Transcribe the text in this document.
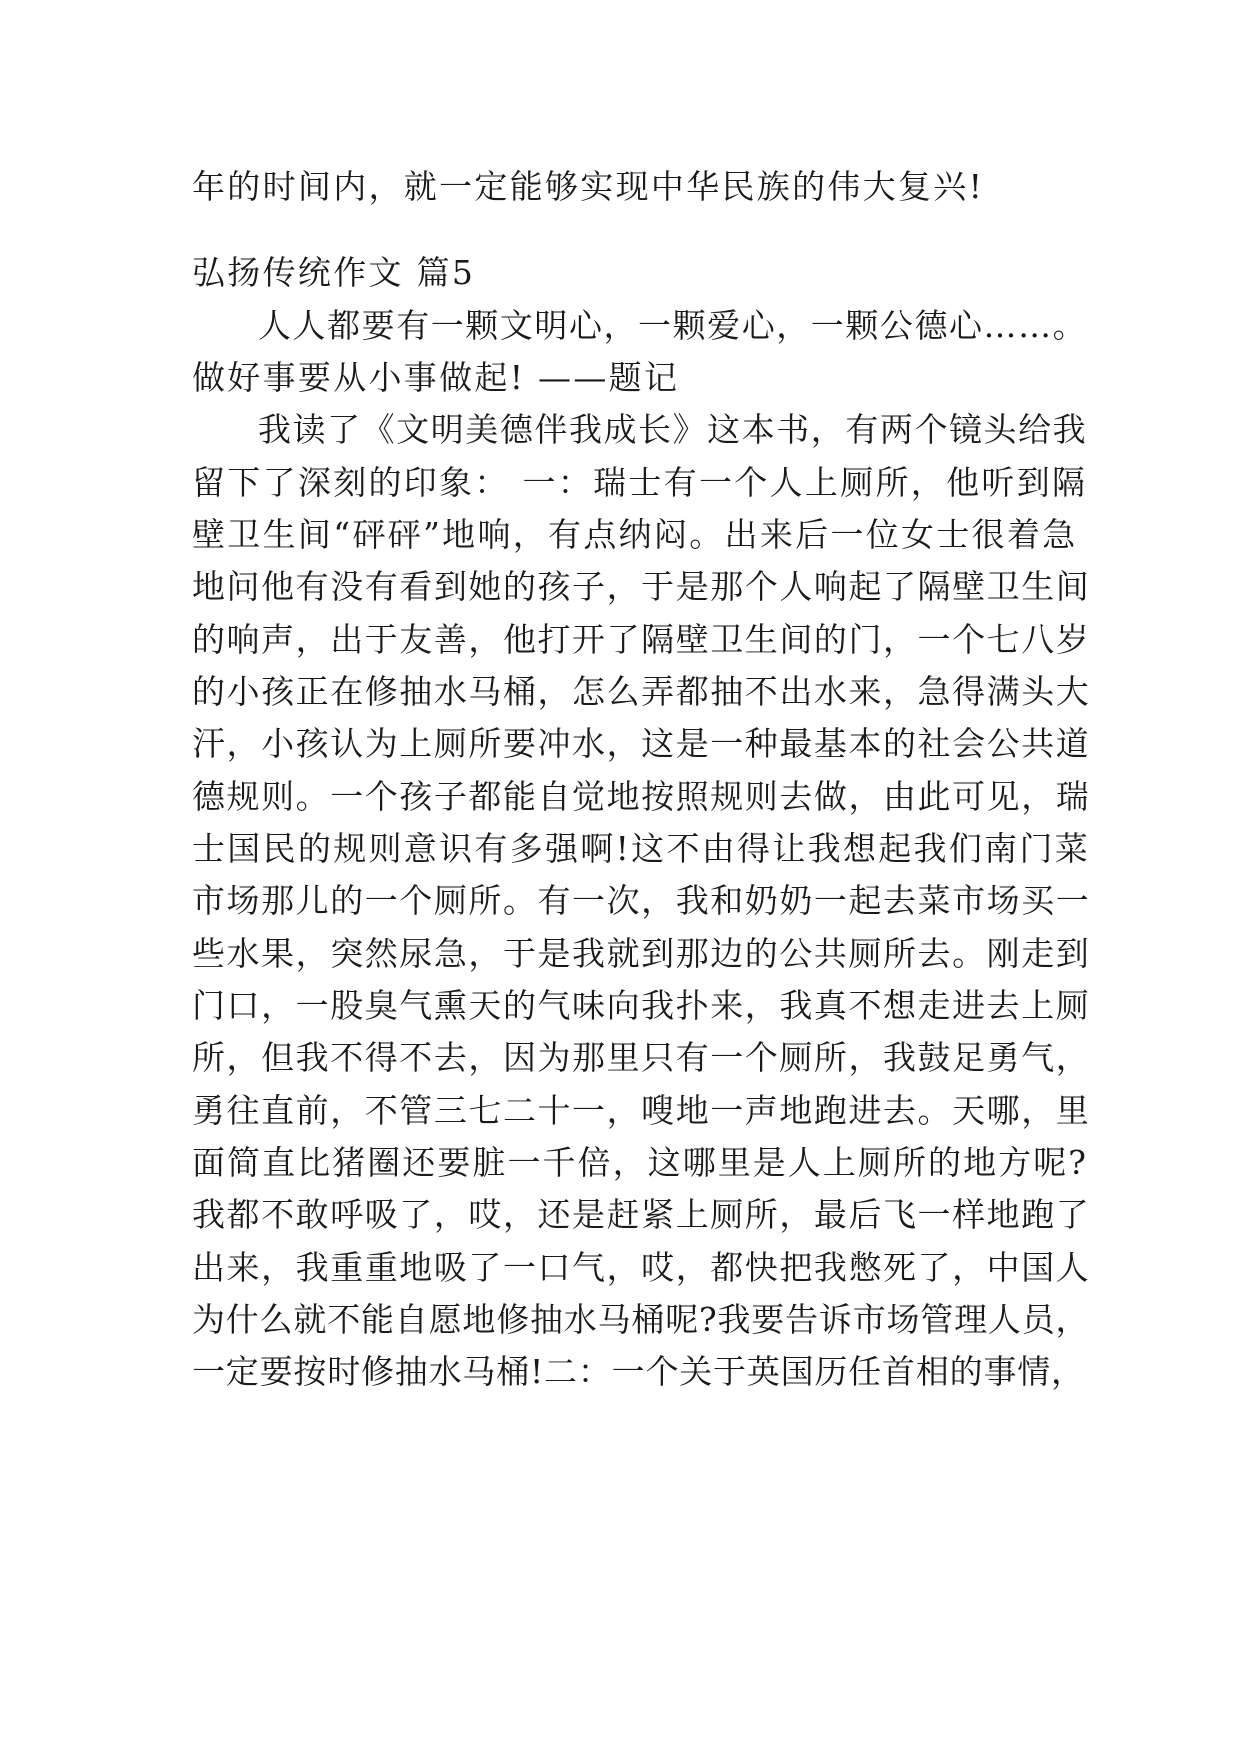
年的时间内，就一定能够实现中华民族的伟大复兴!
弘扬传统作文 篇5
人人都要有一颗文明心，一颗爱心，一颗公德心……。
做好事要从小事做起! ——题记
我读了《文明美德伴我成长》这本书，有两个镜头给我
留下了深刻的印象： 一：瑞士有一个人上厕所，他听到隔
壁卫生间“砰砰”地响，有点纳闷。出来后一位女士很着急
地问他有没有看到她的孩子，于是那个人响起了隔壁卫生间
的响声，出于友善，他打开了隔壁卫生间的门，一个七八岁
的小孩正在修抽水马桶，怎么弄都抽不出水来，急得满头大
汗，小孩认为上厕所要冲水，这是一种最基本的社会公共道
德规则。一个孩子都能自觉地按照规则去做，由此可见，瑞
士国民的规则意识有多强啊!这不由得让我想起我们南门菜
市场那儿的一个厕所。有一次，我和奶奶一起去菜市场买一
些水果，突然尿急，于是我就到那边的公共厕所去。刚走到
门口，一股臭气熏天的气味向我扑来，我真不想走进去上厕
所，但我不得不去，因为那里只有一个厕所，我鼓足勇气，
勇往直前，不管三七二十一，嗖地一声地跑进去。天哪，里
面简直比猪圈还要脏一千倍，这哪里是人上厕所的地方呢?
我都不敢呼吸了，哎，还是赶紧上厕所，最后飞一样地跑了
出来，我重重地吸了一口气，哎，都快把我憋死了，中国人
为什么就不能自愿地修抽水马桶呢?我要告诉市场管理人员，
一定要按时修抽水马桶!二：一个关于英国历任首相的事情，
